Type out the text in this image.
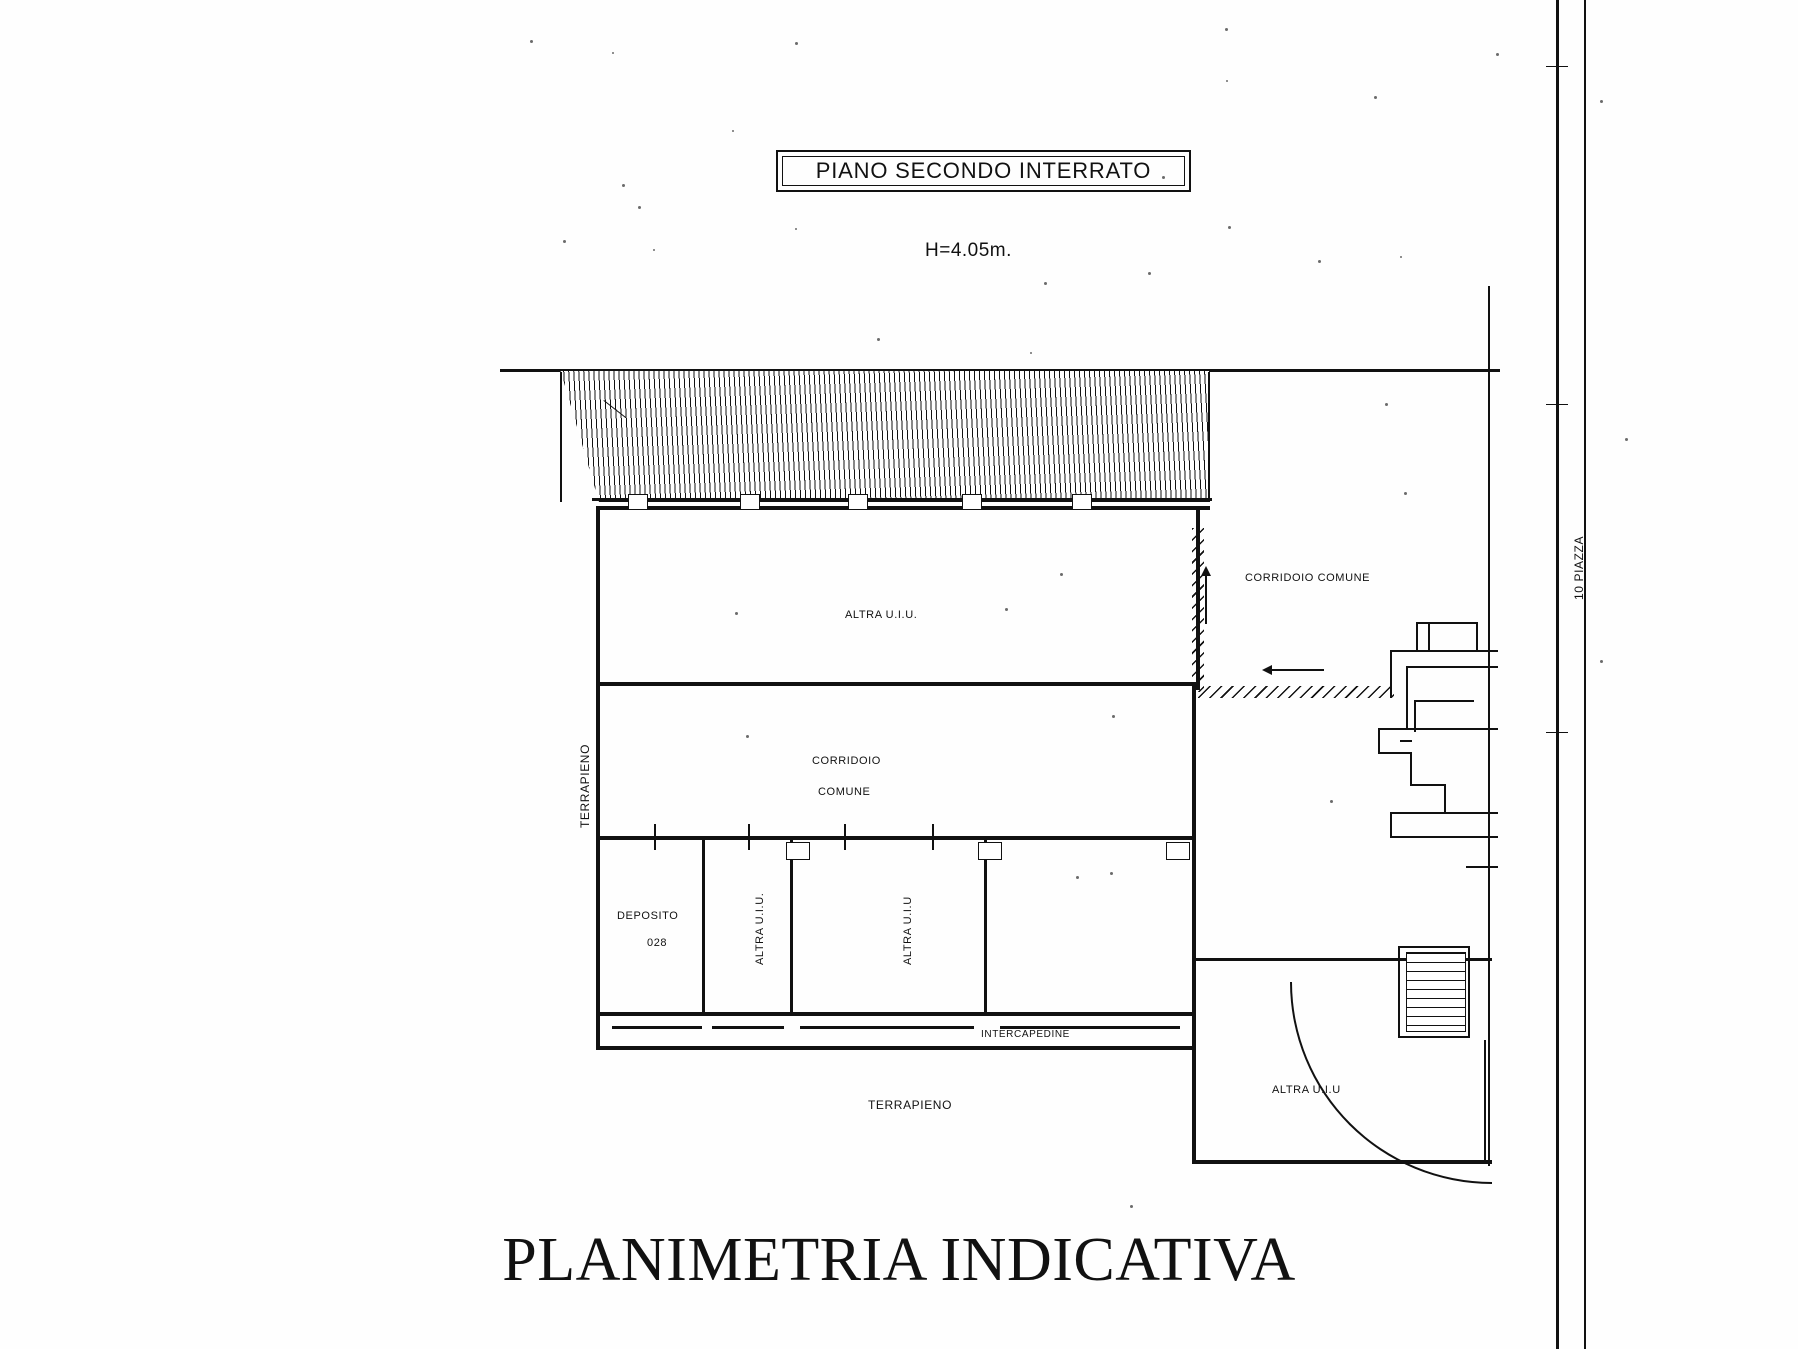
PIANO SECONDO INTERRATO
H=4.05m.
10 PIAZZA
ALTRA U.I.U.
CORRIDOIO
COMUNE
CORRIDOIO COMUNE
DEPOSITO
028	ALTRA U.I.U.	ALTRA U.I.U
INTERCAPEDINE
TERRAPIENO
TERRAPIENO
ALTRA U.I.U
PLANIMETRIA INDICATIVA
